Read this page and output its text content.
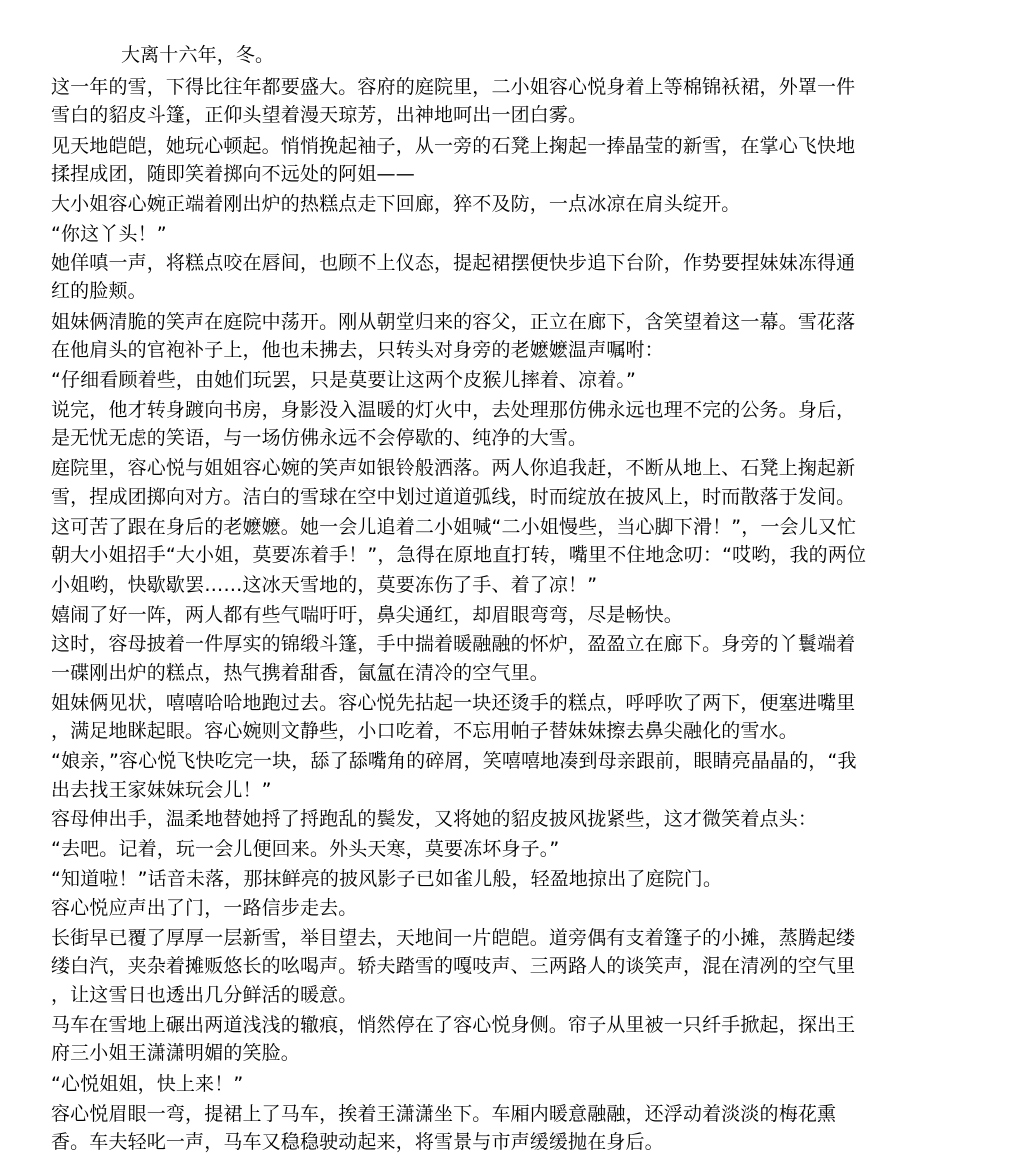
大离十六年，冬。

这一年的雪，下得比往年都要盛大。容府的庭院里，二小姐容心悦身着上等棉锦袄裙，外罩一件

雪白的貂皮斗篷，正仰头望着漫天琼芳，出神地呵出一团白雾。

见天地皑皑，她玩心顿起。悄悄挽起袖子，从一旁的石凳上掬起一捧晶莹的新雪，在掌心飞快地

揉捏成团，随即笑着掷向不远处的阿姐——

大小姐容心婉正端着刚出炉的热糕点走下回廊，猝不及防，一点冰凉在肩头绽开。

“你这丫头！”

她佯嗔一声，将糕点咬在唇间，也顾不上仪态，提起裙摆便快步追下台阶，作势要捏妹妹冻得通

红的脸颊。

姐妹俩清脆的笑声在庭院中荡开。刚从朝堂归来的容父，正立在廊下，含笑望着这一幕。雪花落

在他肩头的官袍补子上，他也未拂去，只转头对身旁的老嬷嬷温声嘱咐：

“仔细看顾着些，由她们玩罢，只是莫要让这两个皮猴儿摔着、凉着。”

说完，他才转身踱向书房，身影没入温暖的灯火中，去处理那仿佛永远也理不完的公务。身后，

是无忧无虑的笑语，与一场仿佛永远不会停歇的、纯净的大雪。

庭院里，容心悦与姐姐容心婉的笑声如银铃般洒落。两人你追我赶，不断从地上、石凳上掬起新

雪，捏成团掷向对方。洁白的雪球在空中划过道道弧线，时而绽放在披风上，时而散落于发间。

这可苦了跟在身后的老嬷嬷。她一会儿追着二小姐喊“二小姐慢些，当心脚下滑！”，一会儿又忙

朝大小姐招手“大小姐，莫要冻着手！”，急得在原地直打转，嘴里不住地念叨：“哎哟，我的两位

小姐哟，快歇歇罢……这冰天雪地的，莫要冻伤了手、着了凉！”

嬉闹了好一阵，两人都有些气喘吁吁，鼻尖通红，却眉眼弯弯，尽是畅快。

这时，容母披着一件厚实的锦缎斗篷，手中揣着暖融融的怀炉，盈盈立在廊下。身旁的丫鬟端着

一碟刚出炉的糕点，热气携着甜香，氤氲在清冷的空气里。

姐妹俩见状，嘻嘻哈哈地跑过去。容心悦先拈起一块还烫手的糕点，呼呼吹了两下，便塞进嘴里

，满足地眯起眼。容心婉则文静些，小口吃着，不忘用帕子替妹妹擦去鼻尖融化的雪水。

“娘亲，”容心悦飞快吃完一块，舔了舔嘴角的碎屑，笑嘻嘻地凑到母亲跟前，眼睛亮晶晶的，“我

出去找王家妹妹玩会儿！”

容母伸出手，温柔地替她捋了捋跑乱的鬓发，又将她的貂皮披风拢紧些，这才微笑着点头：

“去吧。记着，玩一会儿便回来。外头天寒，莫要冻坏身子。”

“知道啦！”话音未落，那抹鲜亮的披风影子已如雀儿般，轻盈地掠出了庭院门。

容心悦应声出了门，一路信步走去。

长街早已覆了厚厚一层新雪，举目望去，天地间一片皑皑。道旁偶有支着篷子的小摊，蒸腾起缕

缕白汽，夹杂着摊贩悠长的吆喝声。轿夫踏雪的嘎吱声、三两路人的谈笑声，混在清冽的空气里

，让这雪日也透出几分鲜活的暖意。

马车在雪地上碾出两道浅浅的辙痕，悄然停在了容心悦身侧。帘子从里被一只纤手掀起，探出王

府三小姐王潇潇明媚的笑脸。

“心悦姐姐，快上来！”

容心悦眉眼一弯，提裙上了马车，挨着王潇潇坐下。车厢内暖意融融，还浮动着淡淡的梅花熏

香。车夫轻叱一声，马车又稳稳驶动起来，将雪景与市声缓缓抛在身后。
